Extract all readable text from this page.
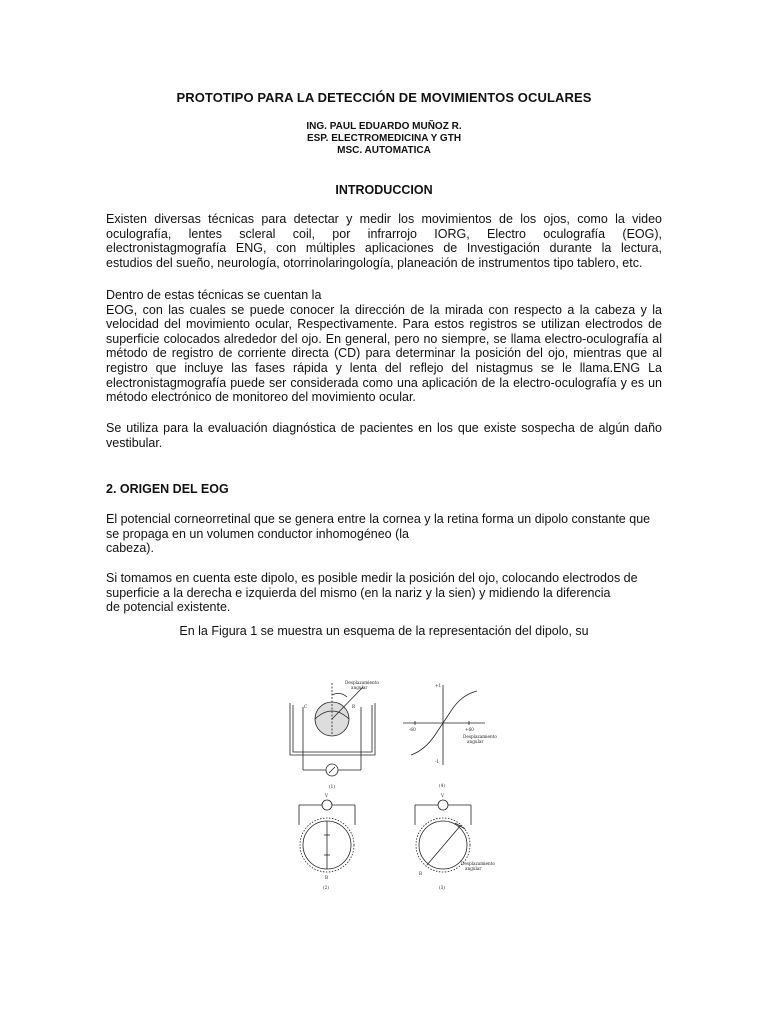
PROTOTIPO PARA LA DETECCIÓN DE MOVIMIENTOS OCULARES
ING. PAUL EDUARDO MUÑOZ R.
ESP. ELECTROMEDICINA Y GTH
MSC. AUTOMATICA
INTRODUCCION
Existen diversas técnicas para detectar y medir los movimientos de los ojos, como la video
oculografía, lentes scleral coil, por infrarrojo IORG, Electro oculografía (EOG),
electronistagmografía ENG, con múltiples aplicaciones de Investigación durante la lectura,
estudios del sueño, neurología, otorrinolaringología, planeación de instrumentos tipo tablero, etc.
Dentro de estas técnicas se cuentan la
EOG, con las cuales se puede conocer la dirección de la mirada con respecto a la cabeza y la
velocidad del movimiento ocular, Respectivamente. Para estos registros se utilizan electrodos de
superficie colocados alrededor del ojo. En general, pero no siempre, se llama electro-oculografía al
método de registro de corriente directa (CD) para determinar la posición del ojo, mientras que al
registro que incluye las fases rápida y lenta del reflejo del nistagmus se le llama.ENG La
electronistagmografía puede ser considerada como una aplicación de la electro-oculografía y es un
método electrónico de monitoreo del movimiento ocular.
Se utiliza para la evaluación diagnóstica de pacientes en los que existe sospecha de algún daño
vestibular.
2. ORIGEN DEL EOG
El potencial corneorretinal que se genera entre la cornea y la retina forma un dipolo constante que
se propaga en un volumen conductor inhomogéneo (la
cabeza).
Si tomamos en cuenta este dipolo, es posible medir la posición del ojo, colocando electrodos de
superficie a la derecha e izquierda del mismo (en la nariz y la sien) y midiendo la diferencia
de potencial existente.
En la Figura 1 se muestra un esquema de la representación del dipolo, su
Desplazamiento
angular
C	R
(1)
+1
-1
-60	+60
Desplazamiento
angular
(4)
V
B
(2)
V
B
Desplazamiento
angular
(3)
